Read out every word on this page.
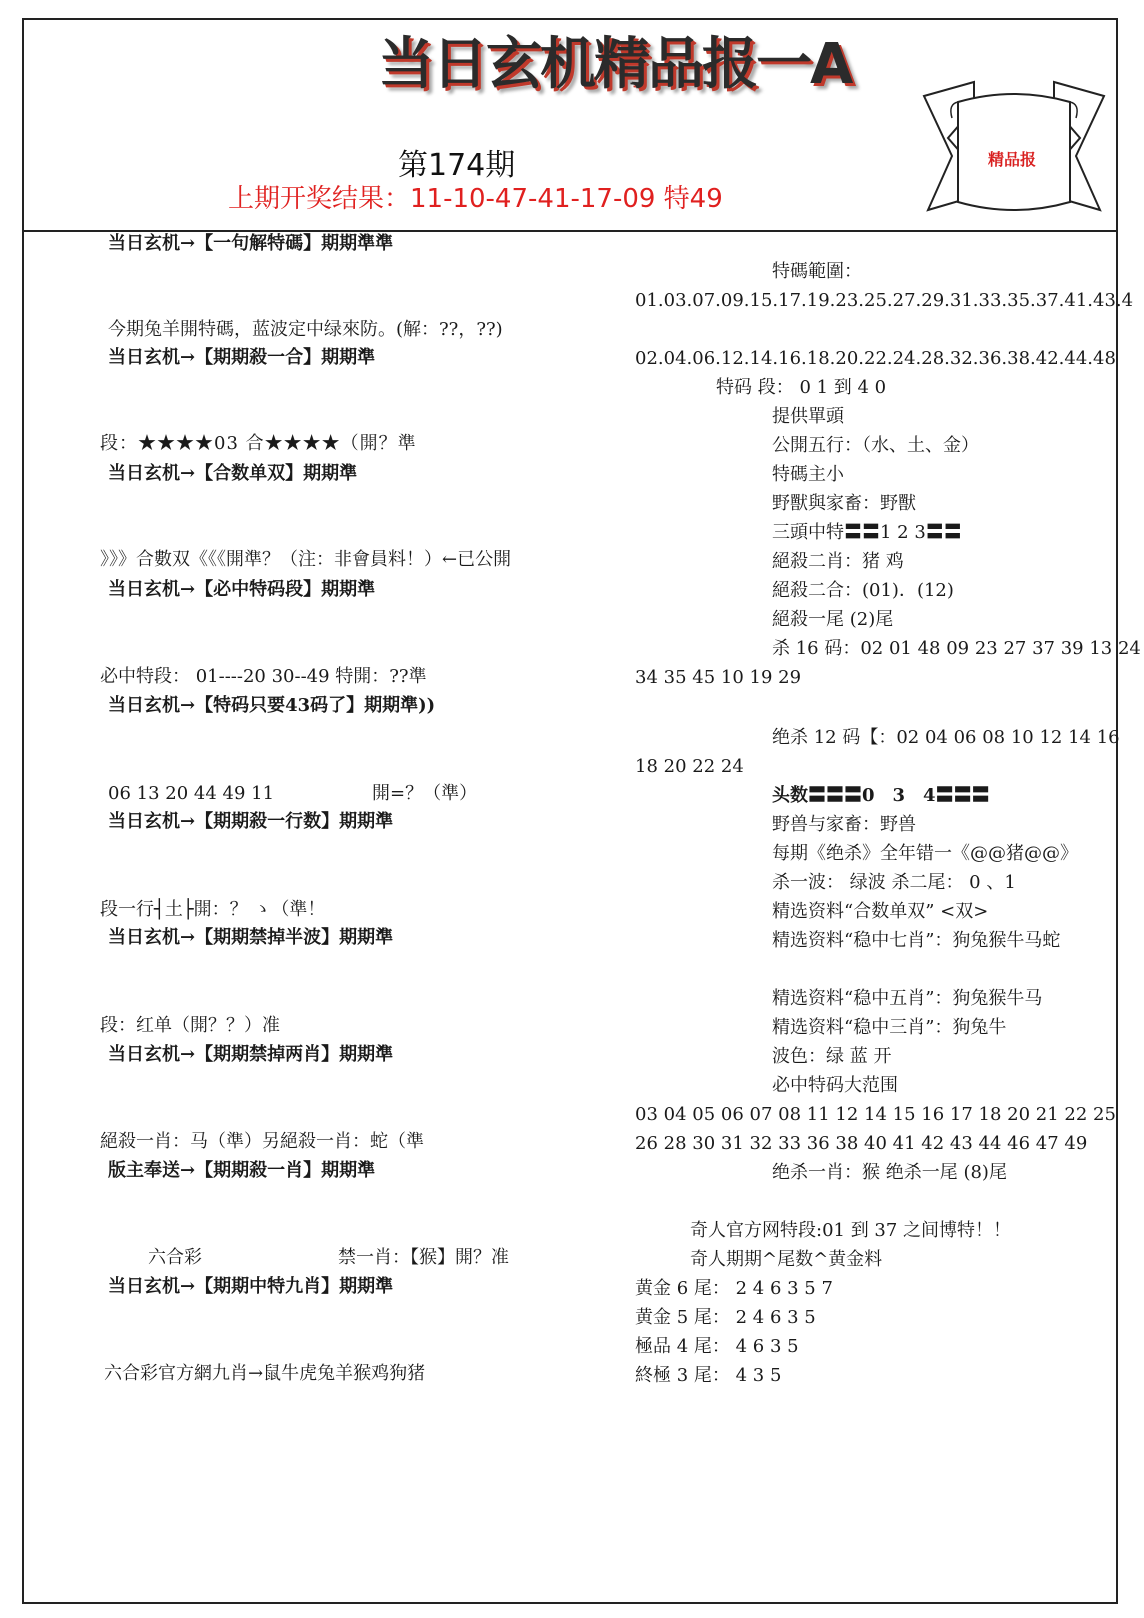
当日玄机精品报一A
第174期
上期开奖结果：11-10-47-41-17-09 特49
精品报
当日玄机→【一句解特碼】期期準準
今期兔羊開特碼，蓝波定中绿來防。(解：??，??)
当日玄机→【期期殺一合】期期準
段：★★★★03 合★★★★（開？準
当日玄机→【合数单双】期期準
》》》合數双《《《開準？（注：非會員料！）←已公開
当日玄机→【必中特码段】期期準
必中特段： 01----20 30--49 特開：??準
当日玄机→【特码只要43码了】期期準))
06 13 20 44 49 11	開=？（準）
当日玄机→【期期殺一行数】期期準
段一行┤土├開：？ ゝ（準！
当日玄机→【期期禁掉半波】期期準
段：红单（開？？）准
当日玄机→【期期禁掉两肖】期期準
絕殺一肖：马（準）另絕殺一肖：蛇（準
版主奉送→【期期殺一肖】期期準
六合彩	禁一肖：【猴】開？准
当日玄机→【期期中特九肖】期期準
六合彩官方網九肖→鼠牛虎兔羊猴鸡狗猪
特碼範圍：
01.03.07.09.15.17.19.23.25.27.29.31.33.35.37.41.43.4
02.04.06.12.14.16.18.20.22.24.28.32.36.38.42.44.48
特码 段： 0 1 到 4 0
提供單頭
公開五行：（水、土、金）
特碼主小
野獸與家畜：野獸
三頭中特〓〓1 2 3〓〓
絕殺二肖：猪 鸡
絕殺二合：(01)．(12)
絕殺一尾 (2)尾
杀 16 码：02 01 48 09 23 27 37 39 13 24
34 35 45 10 19 29
绝杀 12 码【：02 04 06 08 10 12 14 16
18 20 22 24
头数〓〓〓0　3　4〓〓〓
野兽与家畜：野兽
每期《绝杀》全年错一《@@猪@@》
杀一波： 绿波 杀二尾： 0 、1
精选资料“合数单双” <双>
精选资料“稳中七肖”：狗兔猴牛马蛇
精选资料“稳中五肖”：狗兔猴牛马
精选资料“稳中三肖”：狗兔牛
波色：绿 蓝 开
必中特码大范围
03 04 05 06 07 08 11 12 14 15 16 17 18 20 21 22 25
26 28 30 31 32 33 36 38 40 41 42 43 44 46 47 49
绝杀一肖：猴 绝杀一尾 (8)尾
奇人官方网特段:01 到 37 之间博特！！
奇人期期^尾数^黄金料
黄金 6 尾： 2 4 6 3 5 7
黄金 5 尾： 2 4 6 3 5
極品 4 尾： 4 6 3 5
終極 3 尾： 4 3 5
